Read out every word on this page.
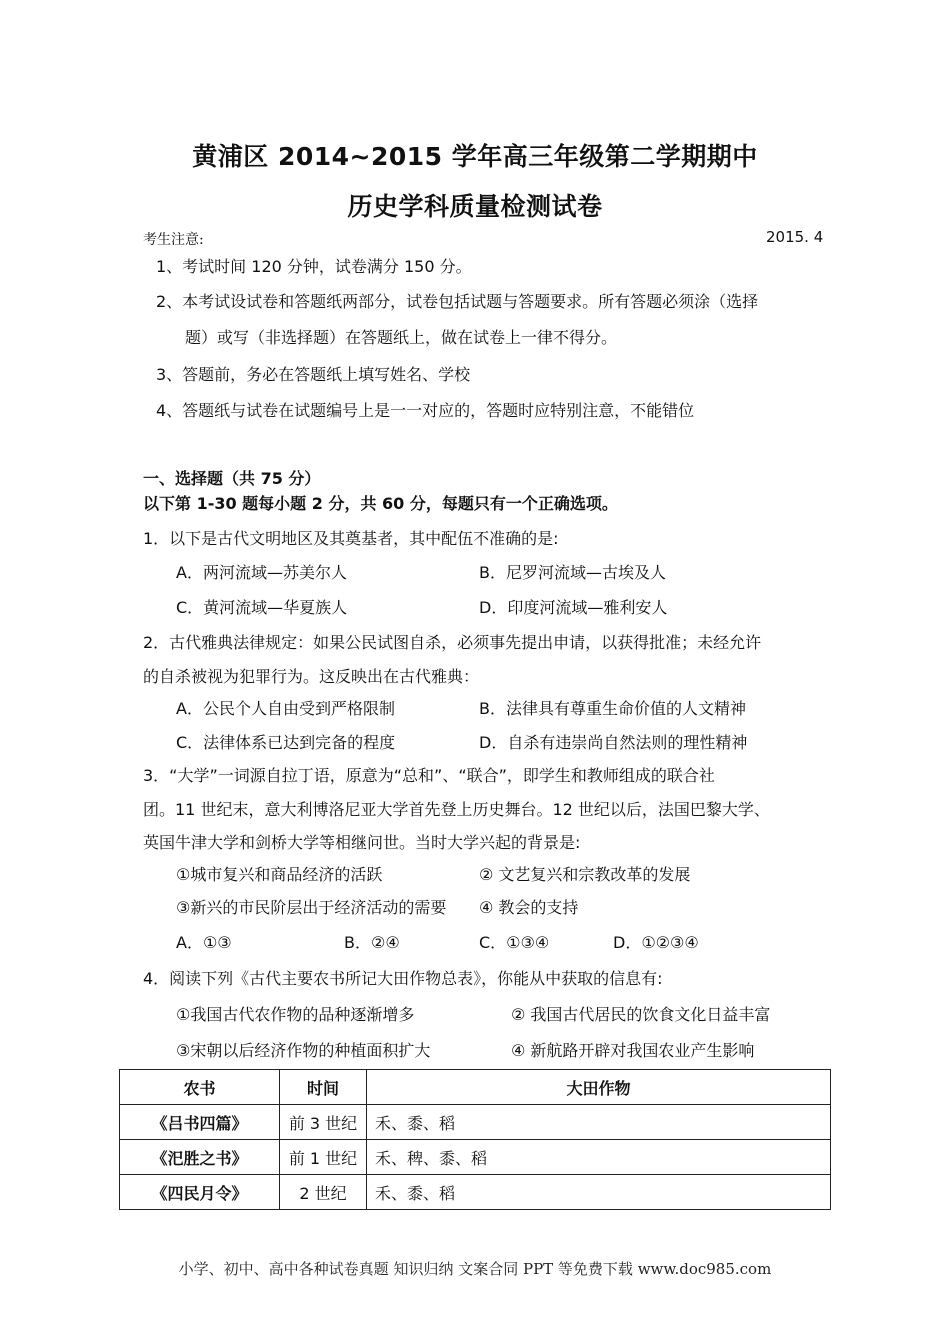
黄浦区 2014~2015 学年高三年级第二学期期中
历史学科质量检测试卷
考生注意:	2015. 4
1、考试时间 120 分钟，试卷满分 150 分。
2、本考试设试卷和答题纸两部分，试卷包括试题与答题要求。所有答题必须涂（选择
题）或写（非选择题）在答题纸上，做在试卷上一律不得分。
3、答题前，务必在答题纸上填写姓名、学校
4、答题纸与试卷在试题编号上是一一对应的，答题时应特别注意，不能错位
一、选择题（共 75 分）
以下第 1-30 题每小题 2 分，共 60 分，每题只有一个正确选项。
1．以下是古代文明地区及其奠基者，其中配伍不准确的是:
A．两河流域—苏美尔人	B．尼罗河流域—古埃及人
C．黄河流域—华夏族人	D．印度河流域—雅利安人
2．古代雅典法律规定：如果公民试图自杀，必须事先提出申请，以获得批准；未经允许
的自杀被视为犯罪行为。这反映出在古代雅典：
A．公民个人自由受到严格限制	B．法律具有尊重生命价值的人文精神
C．法律体系已达到完备的程度	D．自杀有违崇尚自然法则的理性精神
3．“大学”一词源自拉丁语，原意为“总和”、“联合”，即学生和教师组成的联合社
团。11 世纪末，意大利博洛尼亚大学首先登上历史舞台。12 世纪以后，法国巴黎大学、
英国牛津大学和剑桥大学等相继问世。当时大学兴起的背景是:
①城市复兴和商品经济的活跃	② 文艺复兴和宗教改革的发展
③新兴的市民阶层出于经济活动的需要 ④ 教会的支持
A．①③	B．②④	C．①③④	D．①②③④
4．阅读下列《古代主要农书所记大田作物总表》，你能从中获取的信息有:
①我国古代农作物的品种逐渐增多	② 我国古代居民的饮食文化日益丰富
③宋朝以后经济作物的种植面积扩大	④ 新航路开辟对我国农业产生影响
农书	时间	大田作物
《吕书四篇》	前 3 世纪	禾、黍、稻
《汜胜之书》	前 1 世纪	禾、稗、黍、稻
《四民月令》	2 世纪	禾、黍、稻
小学、初中、高中各种试卷真题 知识归纳 文案合同 PPT 等免费下载 www.doc985.com
